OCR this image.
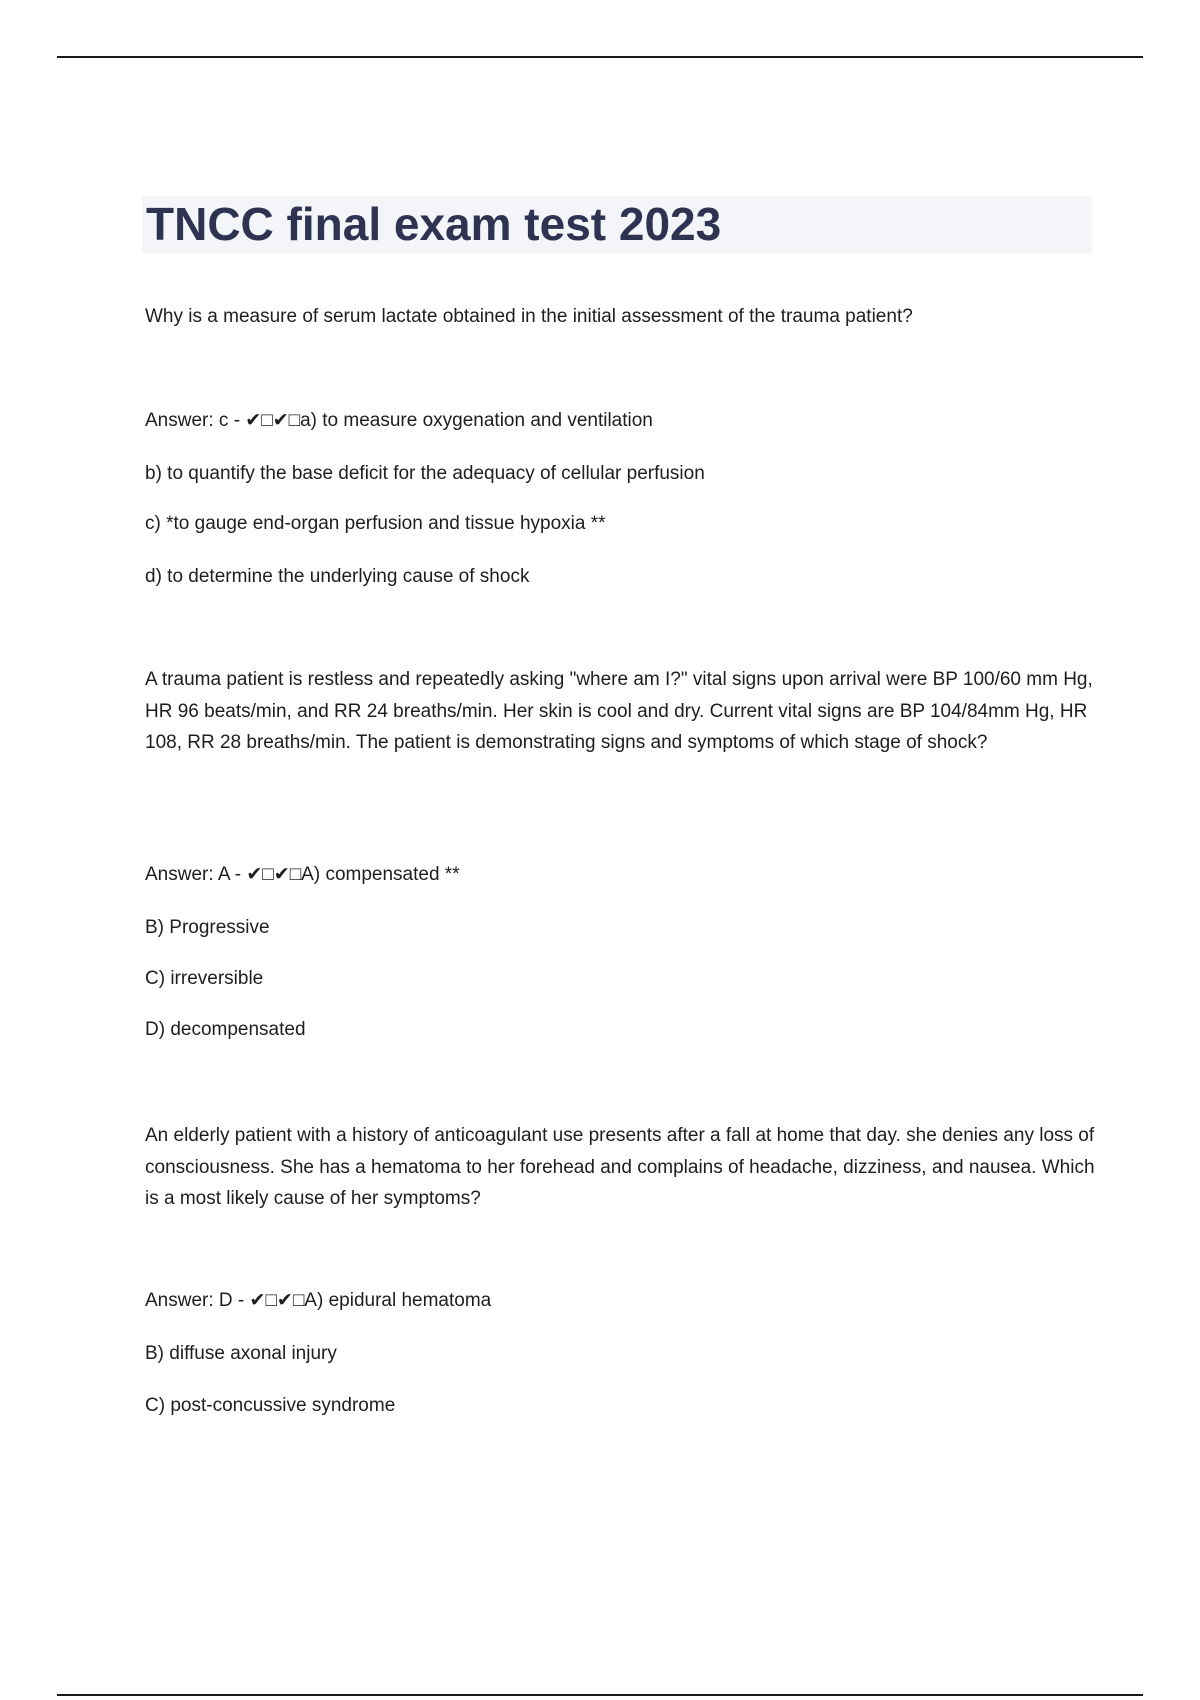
TNCC final exam test 2023

Why is a measure of serum lactate obtained in the initial assessment of the trauma patient?

Answer: c - ✔□✔□a) to measure oxygenation and ventilation

b) to quantify the base deficit for the adequacy of cellular perfusion

c) *to gauge end-organ perfusion and tissue hypoxia **

d) to determine the underlying cause of shock

A trauma patient is restless and repeatedly asking "where am I?" vital signs upon arrival were BP 100/60 mm Hg, HR 96 beats/min, and RR 24 breaths/min. Her skin is cool and dry. Current vital signs are BP 104/84mm Hg, HR 108, RR 28 breaths/min. The patient is demonstrating signs and symptoms of which stage of shock?

Answer: A - ✔□✔□A) compensated **

B) Progressive

C) irreversible

D) decompensated

An elderly patient with a history of anticoagulant use presents after a fall at home that day. she denies any loss of consciousness. She has a hematoma to her forehead and complains of headache, dizziness, and nausea. Which is a most likely cause of her symptoms?

Answer: D - ✔□✔□A) epidural hematoma

B) diffuse axonal injury

C) post-concussive syndrome
